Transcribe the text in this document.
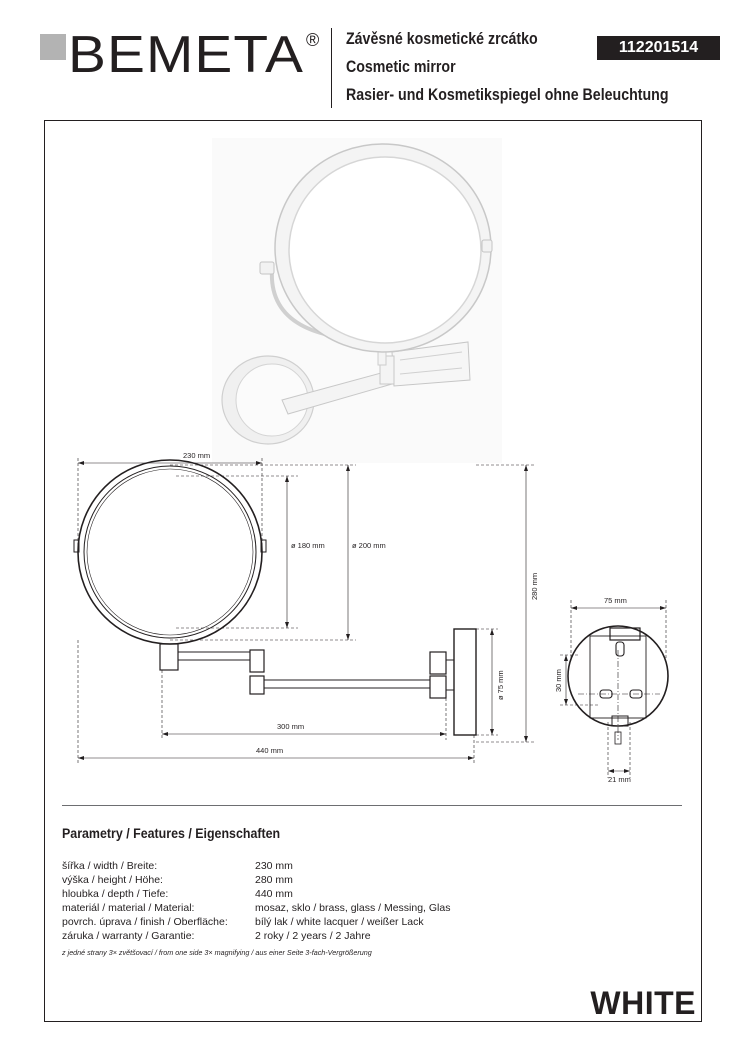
BEMETA ® Závěsné kosmetické zrcátko
Cosmetic mirror
Rasier- und Kosmetikspiegel ohne Beleuchtung
112201514
230 mm
ø 180 mm	ø 200 mm
280 mm
ø 75 mm
300 mm
440 mm
75 mm
30 mm
21 mm
Parametry / Features / Eigenschaften
šířka / width / Breite:	230 mm
výška / height / Höhe:	280 mm
hloubka / depth / Tiefe:	440 mm
materiál / material / Material:	mosaz, sklo / brass, glass / Messing, Glas
povrch. úprava / finish / Oberfläche:	bílý lak / white lacquer / weißer Lack
záruka / warranty / Garantie:	2 roky / 2 years / 2 Jahre
z jedné strany 3× zvětšovací / from one side 3× magnifying / aus einer Seite 3-fach-Vergrößerung
WHITE
